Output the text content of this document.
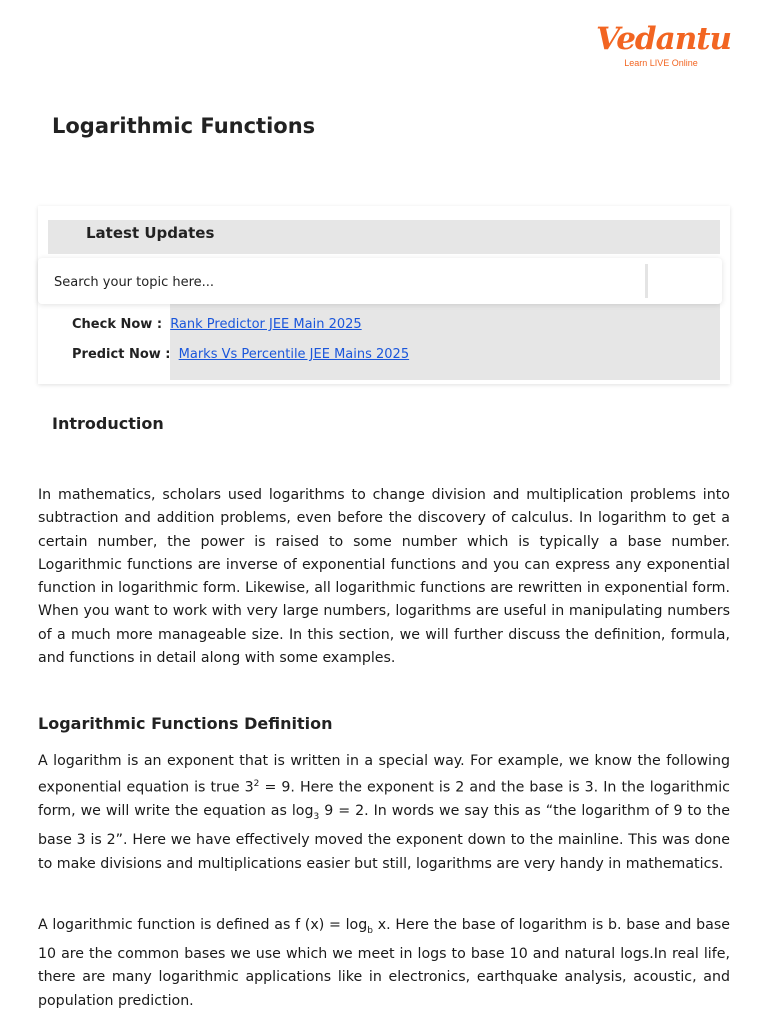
Vedantu
Learn LIVE Online
Logarithmic Functions
Latest Updates
Search your topic here...
Check Now : Rank Predictor JEE Main 2025
Predict Now : Marks Vs Percentile JEE Mains 2025
Introduction

In mathematics, scholars used logarithms to change division and multiplication problems into subtraction and addition problems, even before the discovery of calculus. In logarithm to get a certain number, the power is raised to some number which is typically a base number. Logarithmic functions are inverse of exponential functions and you can express any exponential function in logarithmic form. Likewise, all logarithmic functions are rewritten in exponential form. When you want to work with very large numbers, logarithms are useful in manipulating numbers of a much more manageable size. In this section, we will further discuss the definition, formula, and functions in detail along with some examples.

Logarithmic Functions Definition

A logarithm is an exponent that is written in a special way. For example, we know the following exponential equation is true $3^2 = 9$. Here the exponent is 2 and the base is 3. In the logarithmic form, we will write the equation as $\log_3 9 = 2$. In words we say this as “the logarithm of 9 to the base 3 is 2”. Here we have effectively moved the exponent down to the mainline. This was done to make divisions and multiplications easier but still, logarithms are very handy in mathematics.

A logarithmic function is defined as f $(x) = \log_b x$. Here the base of logarithm is b. base and base 10 are the common bases we use which we meet in logs to base 10 and natural logs.In real life, there are many logarithmic applications like in electronics, earthquake analysis, acoustic, and population prediction.
